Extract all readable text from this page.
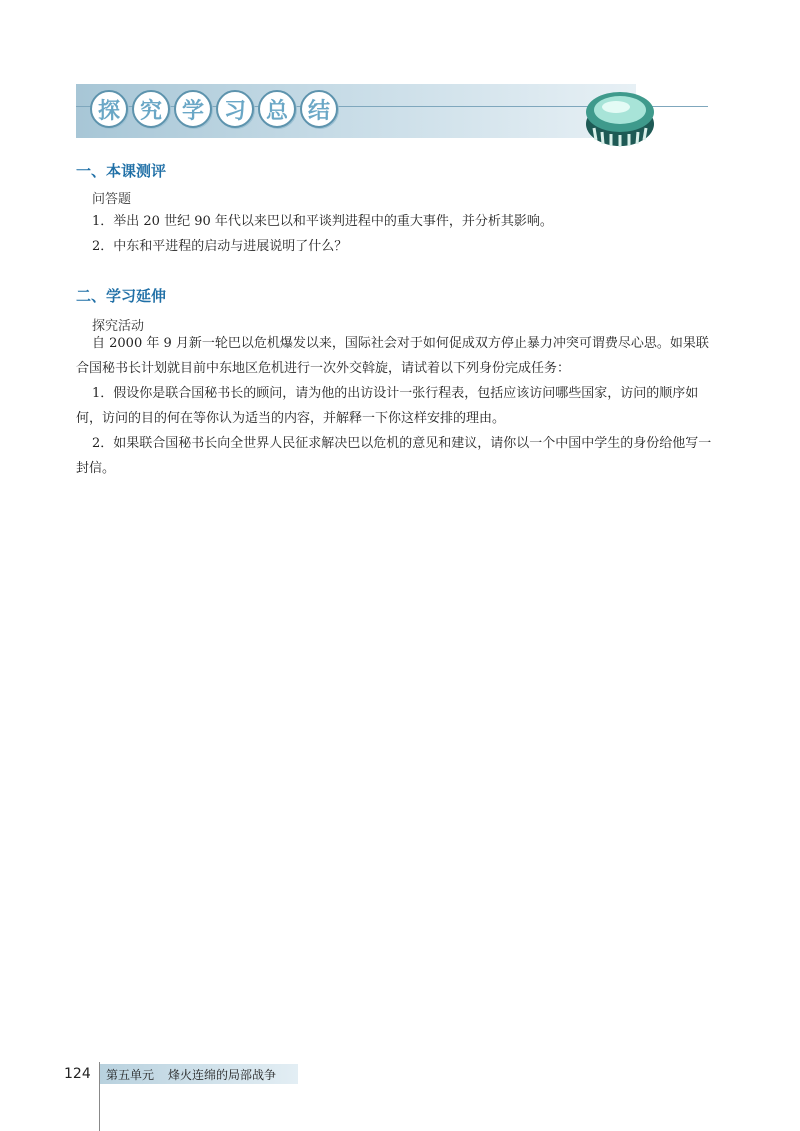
探 究 学 习 总 结
一、本课测评

问答题

1．举出 20 世纪 90 年代以来巴以和平谈判进程中的重大事件，并分析其影响。

2．中东和平进程的启动与进展说明了什么？

二、学习延伸

探究活动

自 2000 年 9 月新一轮巴以危机爆发以来，国际社会对于如何促成双方停止暴力冲突可谓费尽心思。如果联合国秘书长计划就目前中东地区危机进行一次外交斡旋，请试着以下列身份完成任务：

1．假设你是联合国秘书长的顾问，请为他的出访设计一张行程表，包括应该访问哪些国家，访问的顺序如何，访问的目的何在等你认为适当的内容，并解释一下你这样安排的理由。

2．如果联合国秘书长向全世界人民征求解决巴以危机的意见和建议，请你以一个中国中学生的身份给他写一封信。

124 第五单元 烽火连绵的局部战争
